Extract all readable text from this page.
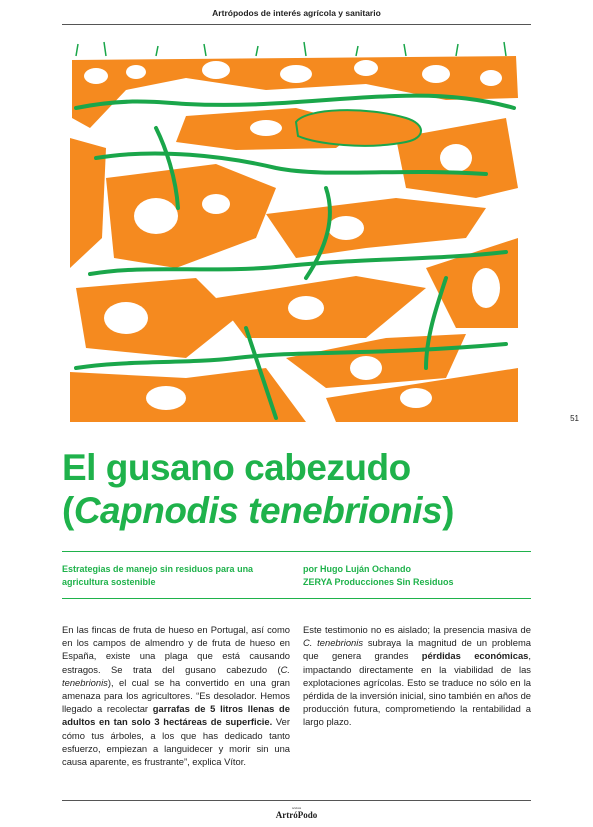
Artrópodos de interés agrícola y sanitario
51
El gusano cabezudo
(Capnodis tenebrionis)
Estrategias de manejo sin residuos para una agricultura sostenible
por Hugo Luján Ochando
ZERYA Producciones Sin Residuos
En las fincas de fruta de hueso en Portugal, así como en los campos de almendro y de fruta de hueso en España, existe una plaga que está causando estragos. Se trata del gusano cabezudo (C. tenebrionis), el cual se ha convertido en una gran amenaza para los agricultores. “Es desolador. Hemos llegado a recolectar garrafas de 5 litros llenas de adultos en tan solo 3 hectáreas de superficie. Ver cómo tus árboles, a los que has dedicado tanto esfuerzo, empiezan a languidecer y morir sin una causa aparente, es frustrante”, explica Vítor.
Este testimonio no es aislado; la presencia masiva de C. tenebrionis subraya la magnitud de un problema que genera grandes pérdidas económicas, impactando directamente en la viabilidad de las explotaciones agrícolas. Esto se traduce no sólo en la pérdida de la inversión inicial, sino también en años de producción futura, comprometiendo la rentabilidad a largo plazo.
revista
ArtróPodo
